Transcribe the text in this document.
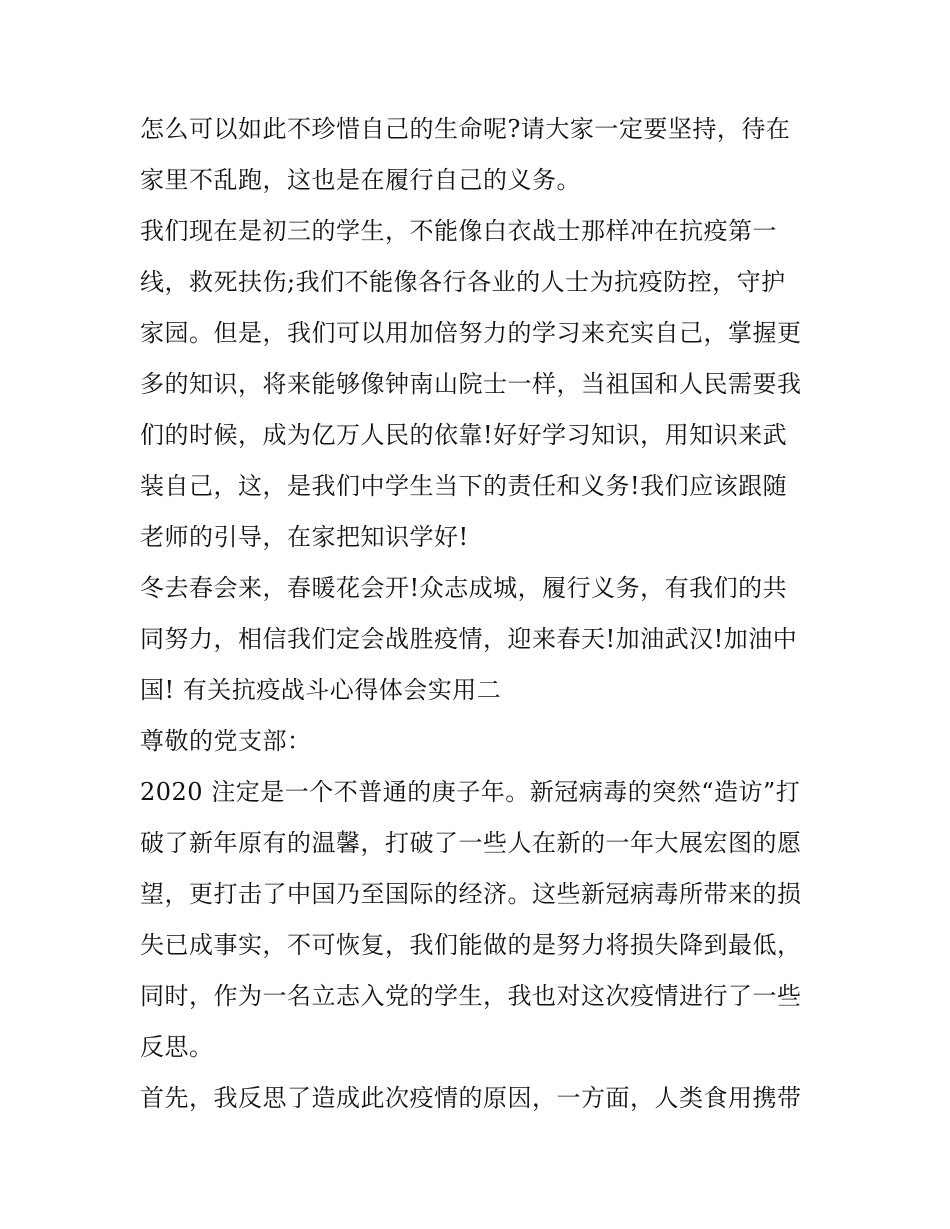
怎么可以如此不珍惜自己的生命呢?请大家一定要坚持，待在
家里不乱跑，这也是在履行自己的义务。
我们现在是初三的学生，不能像白衣战士那样冲在抗疫第一
线，救死扶伤;我们不能像各行各业的人士为抗疫防控，守护
家园。但是，我们可以用加倍努力的学习来充实自己，掌握更
多的知识，将来能够像钟南山院士一样，当祖国和人民需要我
们的时候，成为亿万人民的依靠!好好学习知识，用知识来武
装自己，这，是我们中学生当下的责任和义务!我们应该跟随
老师的引导，在家把知识学好!
冬去春会来，春暖花会开!众志成城，履行义务，有我们的共
同努力，相信我们定会战胜疫情，迎来春天!加油武汉!加油中
国! 有关抗疫战斗心得体会实用二
尊敬的党支部：
2020 注定是一个不普通的庚子年。新冠病毒的突然“造访”打
破了新年原有的温馨，打破了一些人在新的一年大展宏图的愿
望，更打击了中国乃至国际的经济。这些新冠病毒所带来的损
失已成事实，不可恢复，我们能做的是努力将损失降到最低，
同时，作为一名立志入党的学生，我也对这次疫情进行了一些
反思。
首先，我反思了造成此次疫情的原因，一方面，人类食用携带
